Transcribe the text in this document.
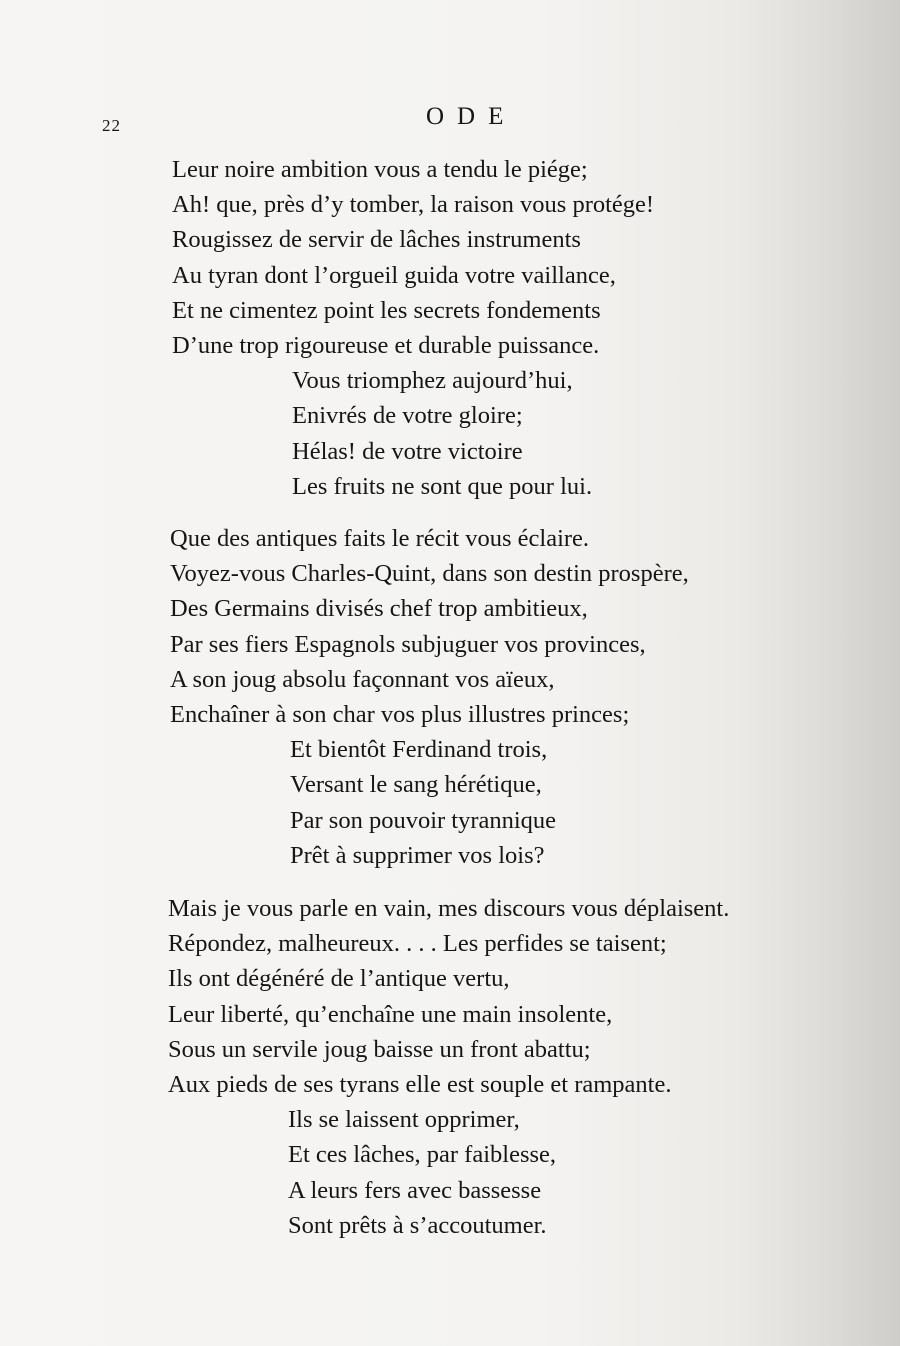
22	ODE
Leur noire ambition vous a tendu le piége;
Ah! que, près d’y tomber, la raison vous protége!
Rougissez de servir de lâches instruments
Au tyran dont l’orgueil guida votre vaillance,
Et ne cimentez point les secrets fondements
D’une trop rigoureuse et durable puissance.
Vous triomphez aujourd’hui,
Enivrés de votre gloire;
Hélas! de votre victoire
Les fruits ne sont que pour lui.
Que des antiques faits le récit vous éclaire.
Voyez-vous Charles-Quint, dans son destin prospère,
Des Germains divisés chef trop ambitieux,
Par ses fiers Espagnols subjuguer vos provinces,
A son joug absolu façonnant vos aïeux,
Enchaîner à son char vos plus illustres princes;
Et bientôt Ferdinand trois,
Versant le sang hérétique,
Par son pouvoir tyrannique
Prêt à supprimer vos lois?
Mais je vous parle en vain, mes discours vous déplaisent.
Répondez, malheureux. . . . Les perfides se taisent;
Ils ont dégénéré de l’antique vertu,
Leur liberté, qu’enchaîne une main insolente,
Sous un servile joug baisse un front abattu;
Aux pieds de ses tyrans elle est souple et rampante.
Ils se laissent opprimer,
Et ces lâches, par faiblesse,
A leurs fers avec bassesse
Sont prêts à s’accoutumer.
